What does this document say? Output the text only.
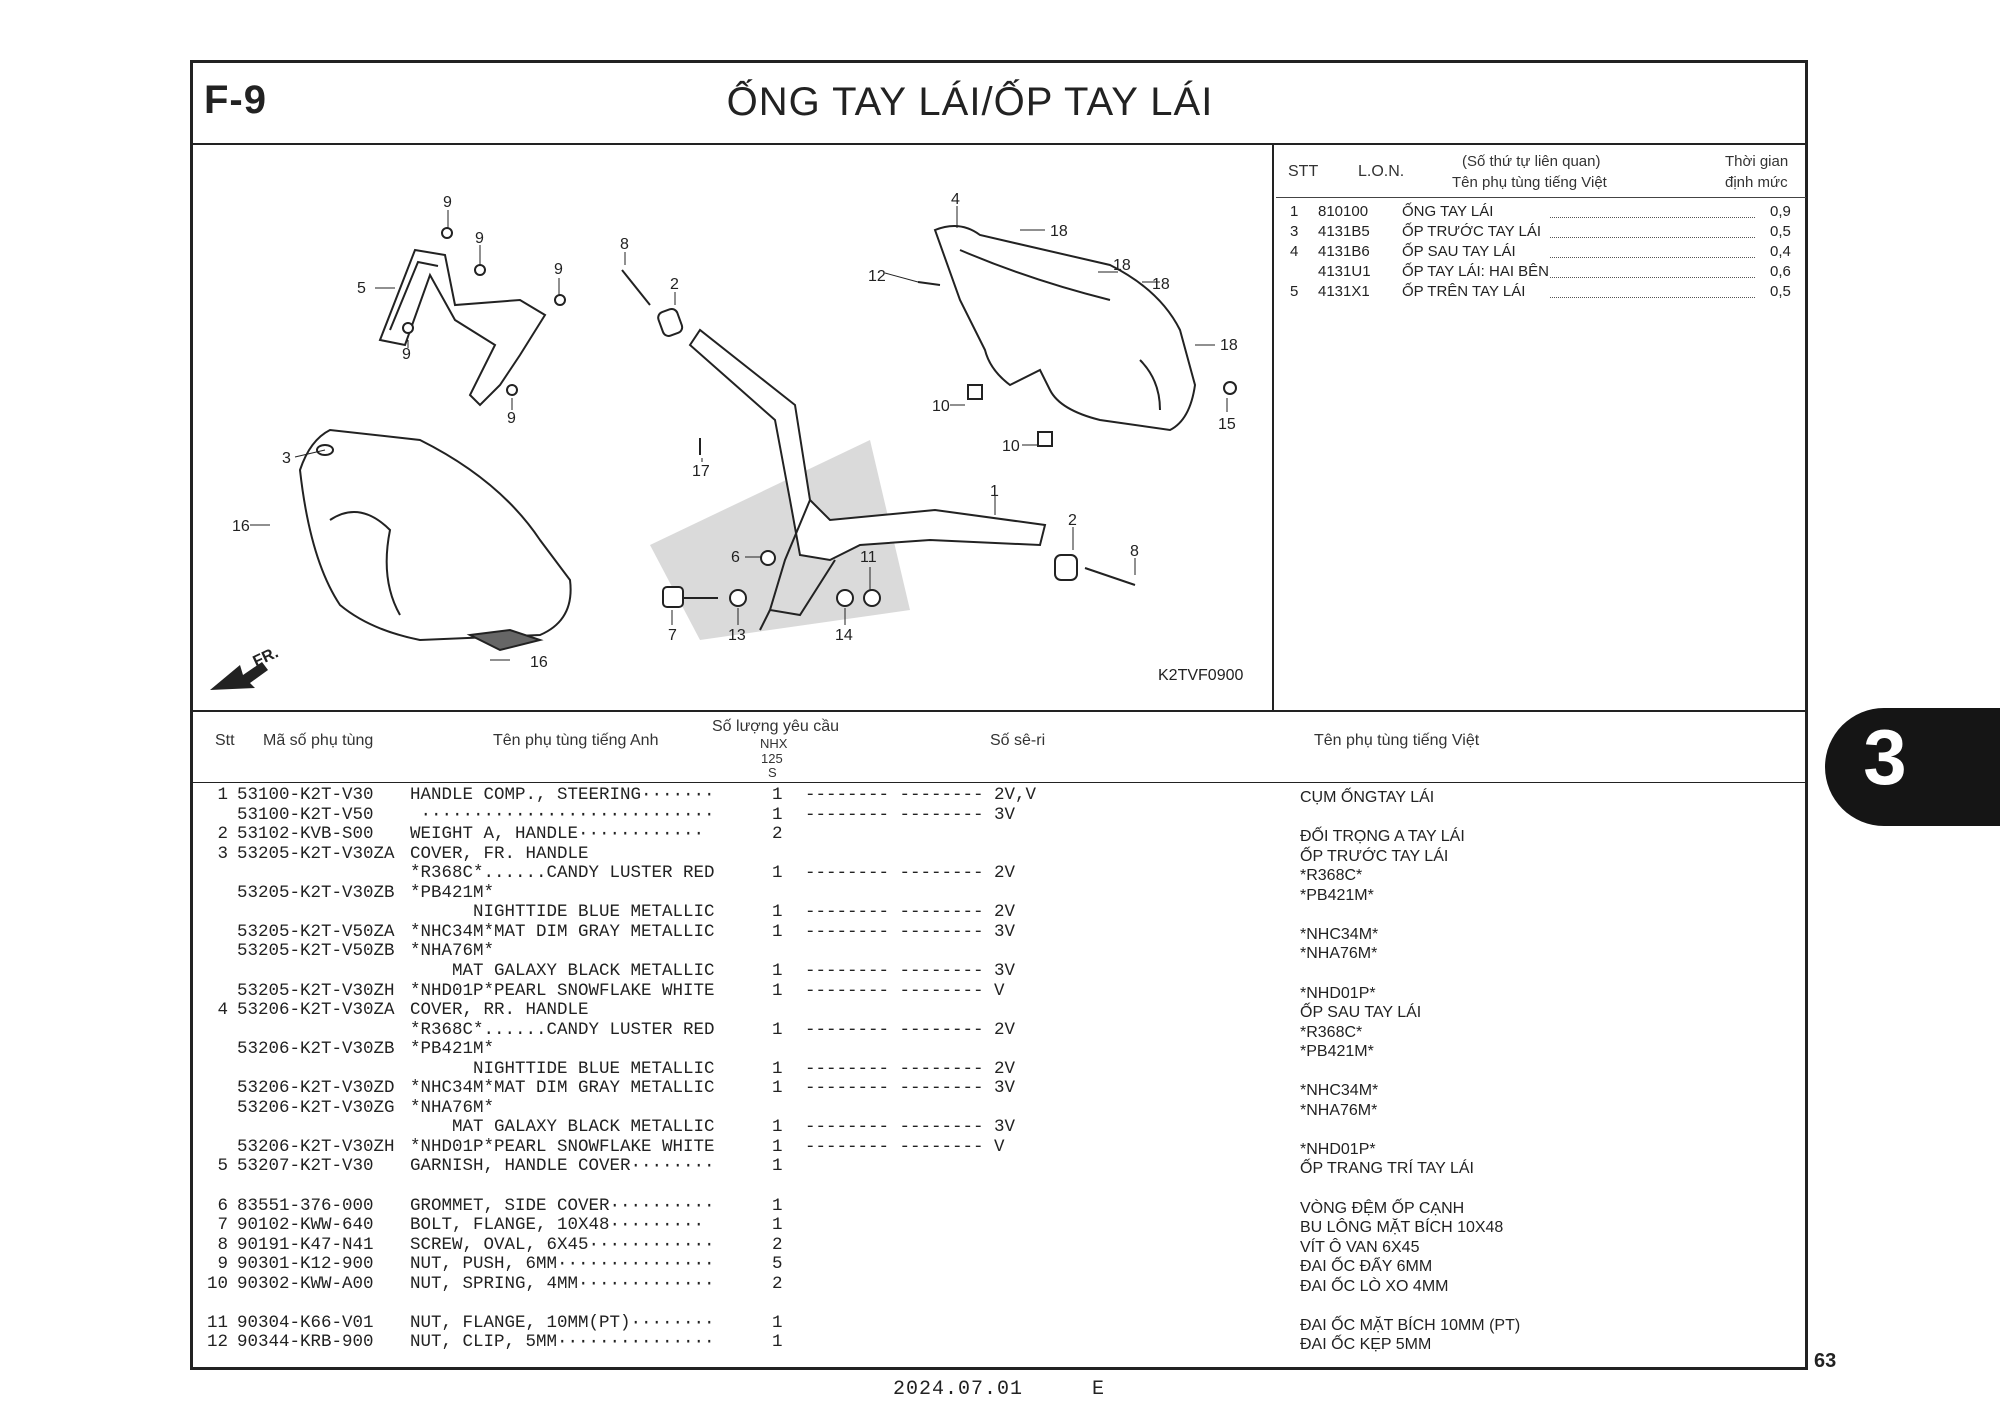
F-9	ỐNG TAY LÁI/ỐP TAY LÁI
STT L.O.N.
(Số thứ tự liên quan)
Tên phụ tùng tiếng Việt
Thời gian
định mức
1 810100 ỐNG TAY LÁI	0,9
3 4131B5 ỐP TRƯỚC TAY LÁI	0,5
4 4131B6 ỐP SAU TAY LÁI	0,4
4131U1 ỐP TAY LÁI: HAI BÊN	0,6
5 4131X1 ỐP TRÊN TAY LÁI	0,5
FR.
K2TVF0900
9
9
9
9
9
5
8
2
4
18
18
18
12
18
3
10
10
15
17
1
16	2
8
6	11
7	13	14
16
Stt Mã số phụ tùng	Tên phụ tùng tiếng Anh
Số lượng yêu cầu
NHX
125
S
Số sê-ri	Tên phụ tùng tiếng Việt
1 53100-K2T-V30 HANDLE COMP., STEERING·······	1 -------- -------- 2V,V	CỤM ỐNGTAY LÁI
53100-K2T-V50 ····························	1 -------- -------- 3V
2 53102-KVB-S00 WEIGHT A, HANDLE············	2	ĐỐI TRỌNG A TAY LÁI
3 53205-K2T-V30ZA COVER, FR. HANDLE	ỐP TRƯỚC TAY LÁI
*R368C*......CANDY LUSTER RED	1 -------- -------- 2V	*R368C*
53205-K2T-V30ZB *PB421M*	*PB421M*
NIGHTTIDE BLUE METALLIC	1 -------- -------- 2V
53205-K2T-V50ZA *NHC34M*MAT DIM GRAY METALLIC	1 -------- -------- 3V	*NHC34M*
53205-K2T-V50ZB *NHA76M*	*NHA76M*
MAT GALAXY BLACK METALLIC	1 -------- -------- 3V
53205-K2T-V30ZH *NHD01P*PEARL SNOWFLAKE WHITE	1 -------- -------- V	*NHD01P*
4 53206-K2T-V30ZA COVER, RR. HANDLE	ỐP SAU TAY LÁI
*R368C*......CANDY LUSTER RED	1 -------- -------- 2V	*R368C*
53206-K2T-V30ZB *PB421M*	*PB421M*
NIGHTTIDE BLUE METALLIC	1 -------- -------- 2V
53206-K2T-V30ZD *NHC34M*MAT DIM GRAY METALLIC	1 -------- -------- 3V	*NHC34M*
53206-K2T-V30ZG *NHA76M*	*NHA76M*
MAT GALAXY BLACK METALLIC	1 -------- -------- 3V
53206-K2T-V30ZH *NHD01P*PEARL SNOWFLAKE WHITE	1 -------- -------- V	*NHD01P*
5 53207-K2T-V30 GARNISH, HANDLE COVER········	1	ỐP TRANG TRÍ TAY LÁI
6 83551-376-000 GROMMET, SIDE COVER··········	1	VÒNG ĐỆM ỐP CẠNH
7 90102-KWW-640 BOLT, FLANGE, 10X48·········	1	BU LÔNG MẶT BÍCH 10X48
8 90191-K47-N41 SCREW, OVAL, 6X45············	2	VÍT Ô VAN 6X45
9 90301-K12-900 NUT, PUSH, 6MM···············	5	ĐAI ỐC ĐẨY 6MM
10 90302-KWW-A00 NUT, SPRING, 4MM·············	2	ĐAI ỐC LÒ XO 4MM
11 90304-K66-V01 NUT, FLANGE, 10MM(PT)········	1	ĐAI ỐC MẶT BÍCH 10MM (PT)
12 90344-KRB-900 NUT, CLIP, 5MM···············	1	ĐAI ỐC KẸP 5MM
3
63
2024.07.01	E
